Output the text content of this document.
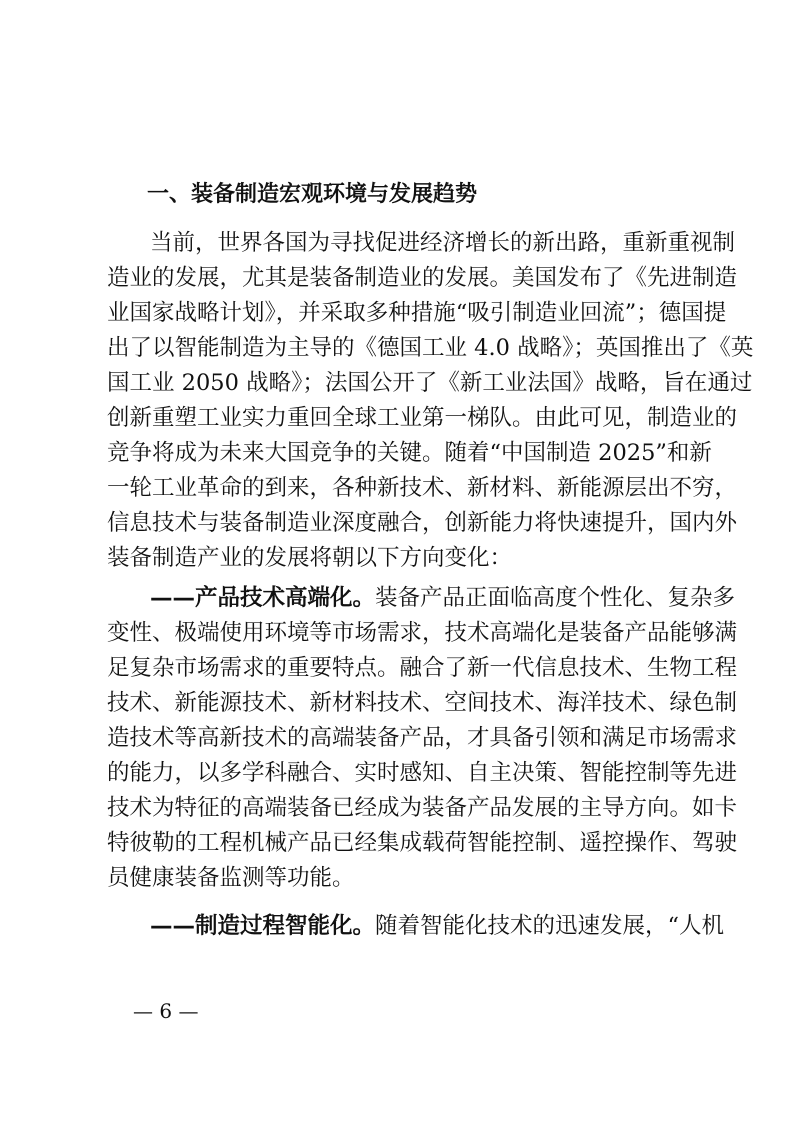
一、装备制造宏观环境与发展趋势
当前，世界各国为寻找促进经济增长的新出路，重新重视制
造业的发展，尤其是装备制造业的发展。美国发布了《先进制造
业国家战略计划》，并采取多种措施“吸引制造业回流”；德国提
出了以智能制造为主导的《德国工业 4.0 战略》；英国推出了《英
国工业 2050 战略》；法国公开了《新工业法国》战略，旨在通过
创新重塑工业实力重回全球工业第一梯队。由此可见，制造业的
竞争将成为未来大国竞争的关键。随着“中国制造 2025”和新
一轮工业革命的到来，各种新技术、新材料、新能源层出不穷，
信息技术与装备制造业深度融合，创新能力将快速提升，国内外
装备制造产业的发展将朝以下方向变化：
——产品技术高端化。装备产品正面临高度个性化、复杂多
变性、极端使用环境等市场需求，技术高端化是装备产品能够满
足复杂市场需求的重要特点。融合了新一代信息技术、生物工程
技术、新能源技术、新材料技术、空间技术、海洋技术、绿色制
造技术等高新技术的高端装备产品，才具备引领和满足市场需求
的能力，以多学科融合、实时感知、自主决策、智能控制等先进
技术为特征的高端装备已经成为装备产品发展的主导方向。如卡
特彼勒的工程机械产品已经集成载荷智能控制、遥控操作、驾驶
员健康装备监测等功能。
——制造过程智能化。随着智能化技术的迅速发展，“人机
— 6 —
